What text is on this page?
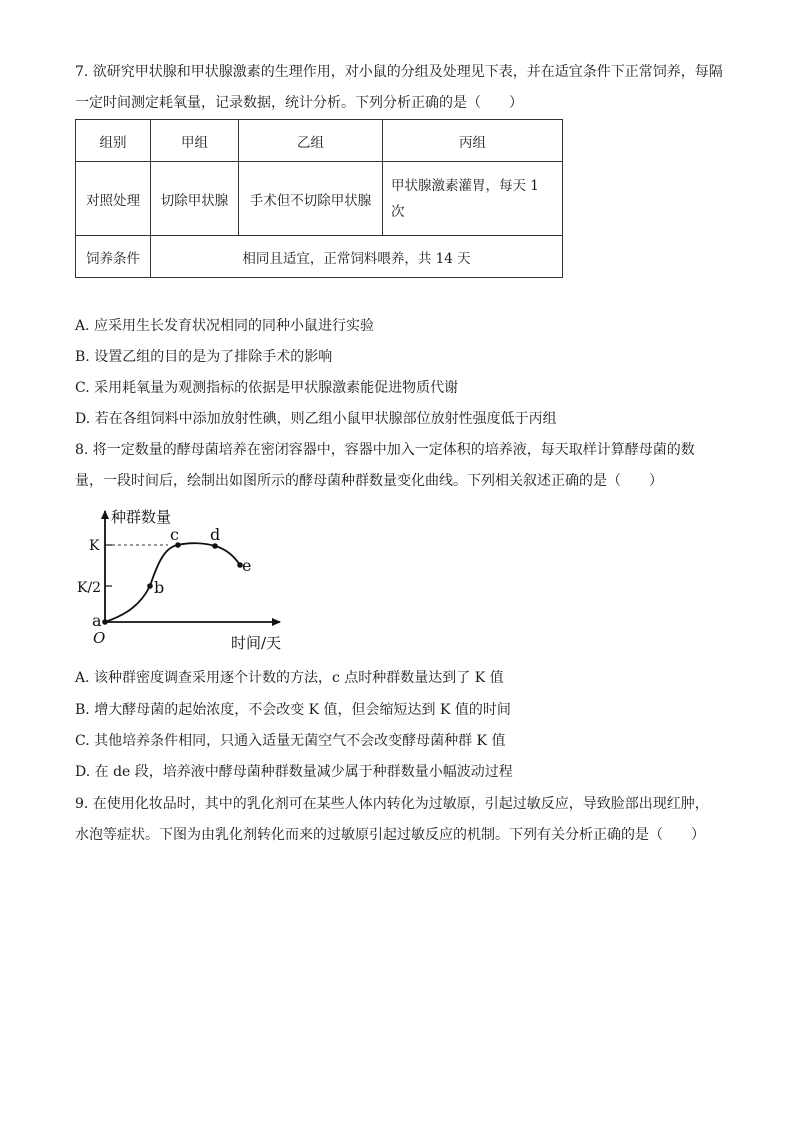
7. 欲研究甲状腺和甲状腺激素的生理作用，对小鼠的分组及处理见下表，并在适宜条件下正常饲养，每隔
一定时间测定耗氧量，记录数据，统计分析。下列分析正确的是（　　）
组别	甲组	乙组	丙组
对照处理	切除甲状腺	手术但不切除甲状腺	甲状腺激素灌胃，每天 1
次

饲养条件	相同且适宜，正常饲料喂养，共 14 天		
A. 应采用生长发育状况相同的同种小鼠进行实验
B. 设置乙组的目的是为了排除手术的影响
C. 采用耗氧量为观测指标的依据是甲状腺激素能促进物质代谢
D. 若在各组饲料中添加放射性碘，则乙组小鼠甲状腺部位放射性强度低于丙组
8. 将一定数量的酵母菌培养在密闭容器中，容器中加入一定体积的培养液，每天取样计算酵母菌的数
量，一段时间后，绘制出如图所示的酵母菌种群数量变化曲线。下列相关叙述正确的是（　　）
种群数量
时间/天
O
K
K/2
a
b
c d
e
A. 该种群密度调查采用逐个计数的方法，c 点时种群数量达到了 K 值
B. 增大酵母菌的起始浓度，不会改变 K 值，但会缩短达到 K 值的时间
C. 其他培养条件相同，只通入适量无菌空气不会改变酵母菌种群 K 值
D. 在 de 段，培养液中酵母菌种群数量减少属于种群数量小幅波动过程
9. 在使用化妆品时，其中的乳化剂可在某些人体内转化为过敏原，引起过敏反应，导致脸部出现红肿，
水泡等症状。下图为由乳化剂转化而来的过敏原引起过敏反应的机制。下列有关分析正确的是（　　）
